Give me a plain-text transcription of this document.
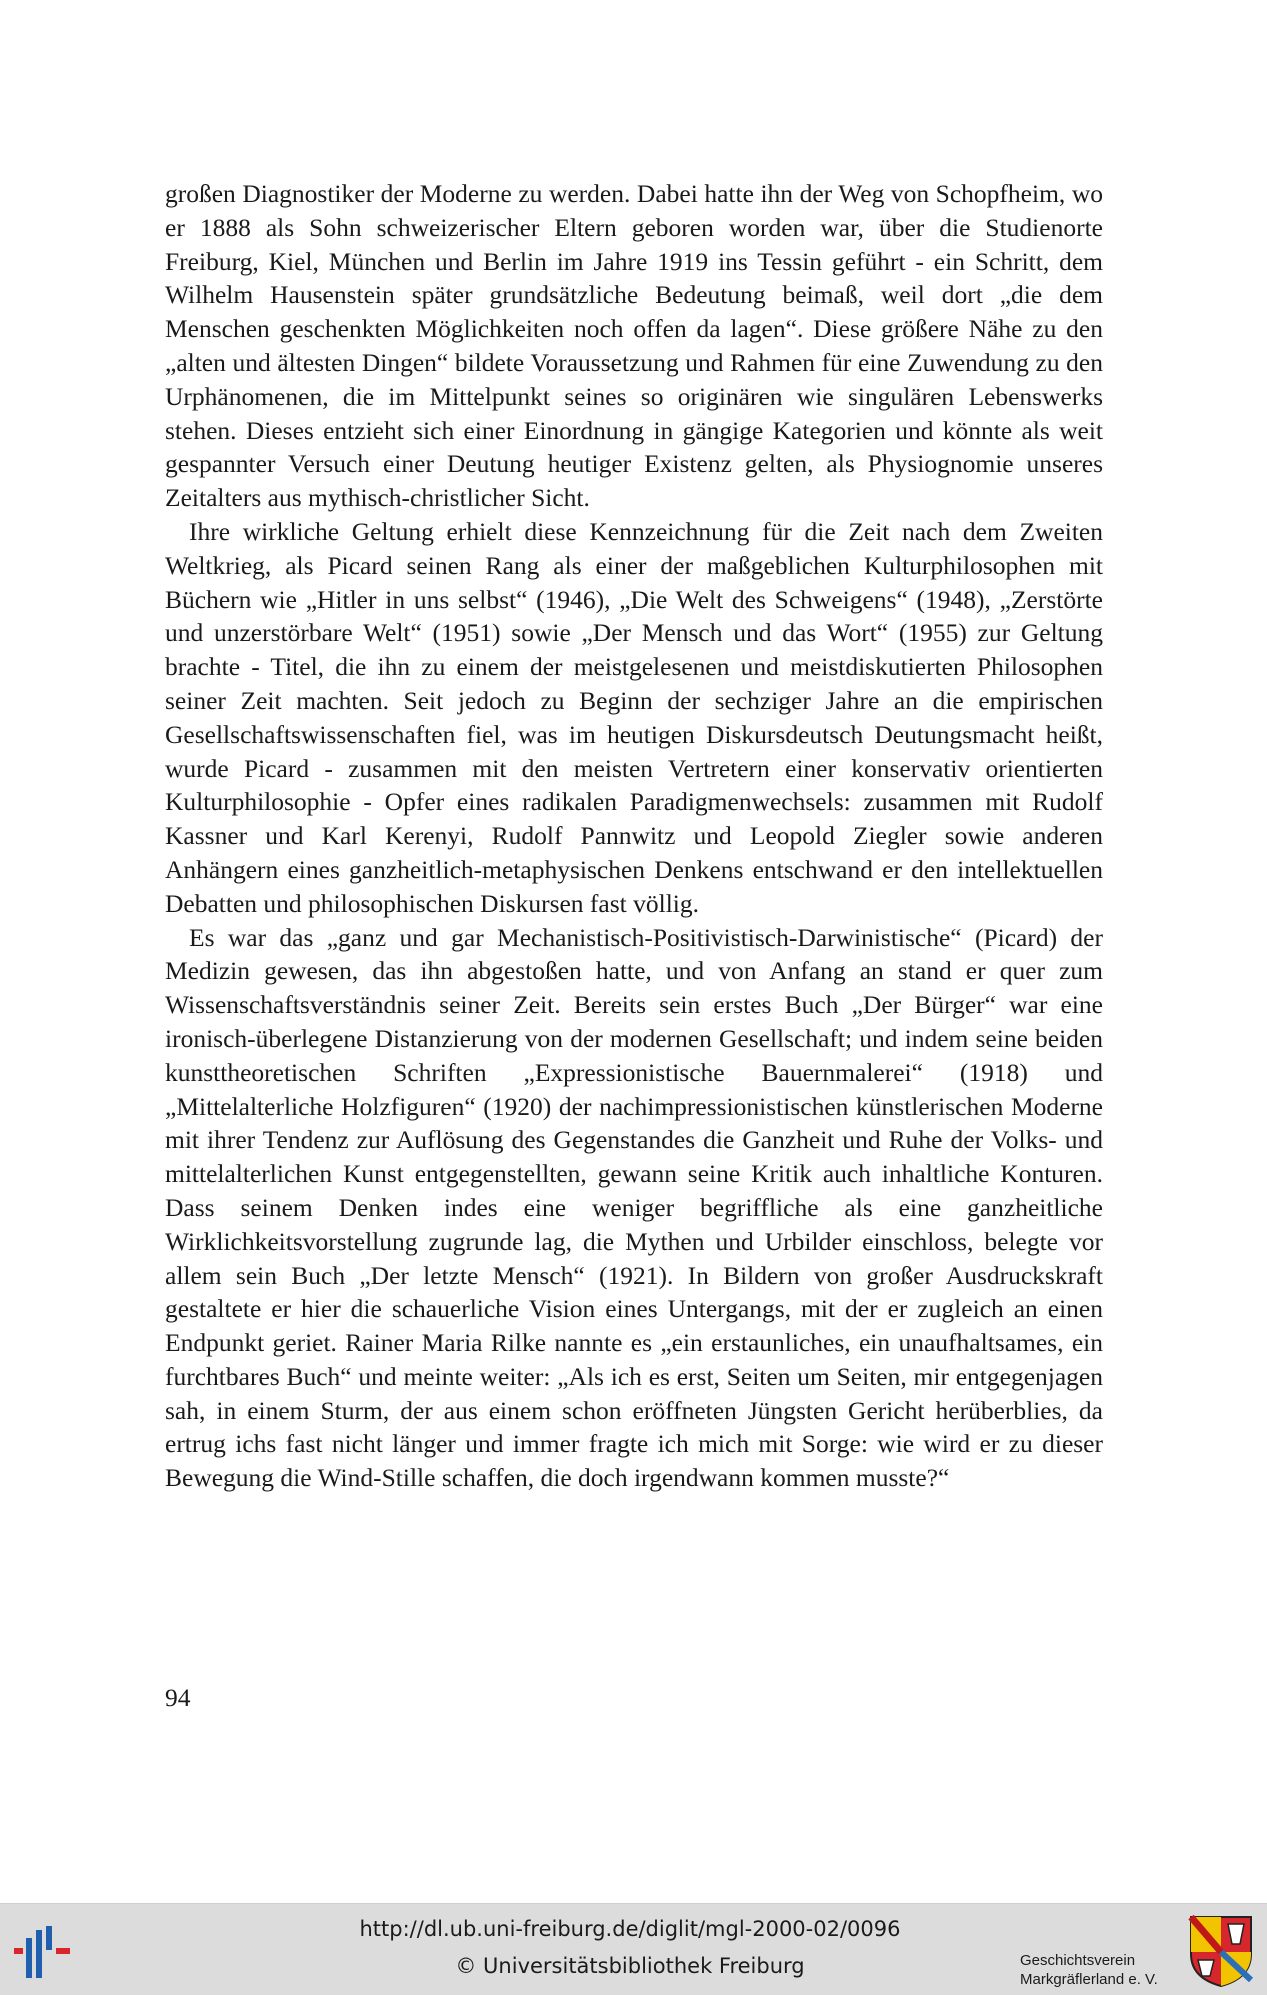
großen Diagnostiker der Moderne zu werden. Dabei hatte ihn der Weg von Schopfheim, wo er 1888 als Sohn schweizerischer Eltern geboren worden war, über die Studienorte Freiburg, Kiel, München und Berlin im Jahre 1919 ins Tessin geführt - ein Schritt, dem Wilhelm Hausenstein später grundsätzliche Bedeutung beimaß, weil dort „die dem Menschen geschenkten Möglichkeiten noch offen da lagen“. Diese größere Nähe zu den „alten und ältesten Dingen“ bildete Voraussetzung und Rahmen für eine Zuwendung zu den Urphänomenen, die im Mittelpunkt seines so originären wie singulären Lebenswerks stehen. Dieses entzieht sich einer Einordnung in gängige Kategorien und könnte als weit gespannter Versuch einer Deutung heutiger Existenz gelten, als Physiognomie unseres Zeitalters aus mythisch-christlicher Sicht.

Ihre wirkliche Geltung erhielt diese Kennzeichnung für die Zeit nach dem Zweiten Weltkrieg, als Picard seinen Rang als einer der maßgeblichen Kulturphilosophen mit Büchern wie „Hitler in uns selbst“ (1946), „Die Welt des Schweigens“ (1948), „Zerstörte und unzerstörbare Welt“ (1951) sowie „Der Mensch und das Wort“ (1955) zur Geltung brachte - Titel, die ihn zu einem der meistgelesenen und meistdiskutierten Philosophen seiner Zeit machten. Seit jedoch zu Beginn der sechziger Jahre an die empirischen Gesellschaftswissenschaften fiel, was im heutigen Diskursdeutsch Deutungsmacht heißt, wurde Picard - zusammen mit den meisten Vertretern einer konservativ orientierten Kulturphilosophie - Opfer eines radikalen Paradigmenwechsels: zusammen mit Rudolf Kassner und Karl Kerenyi, Rudolf Pannwitz und Leopold Ziegler sowie anderen Anhängern eines ganzheitlich-metaphysischen Denkens entschwand er den intellektuellen Debatten und philosophischen Diskursen fast völlig.

Es war das „ganz und gar Mechanistisch-Positivistisch-Darwinistische“ (Picard) der Medizin gewesen, das ihn abgestoßen hatte, und von Anfang an stand er quer zum Wissenschaftsverständnis seiner Zeit. Bereits sein erstes Buch „Der Bürger“ war eine ironisch-überlegene Distanzierung von der modernen Gesellschaft; und indem seine beiden kunsttheoretischen Schriften „Expressionistische Bauernmalerei“ (1918) und „Mittelalterliche Holzfiguren“ (1920) der nachimpressionistischen künstlerischen Moderne mit ihrer Tendenz zur Auflösung des Gegenstandes die Ganzheit und Ruhe der Volks- und mittelalterlichen Kunst entgegenstellten, gewann seine Kritik auch inhaltliche Konturen. Dass seinem Denken indes eine weniger begriffliche als eine ganzheitliche Wirklichkeitsvorstellung zugrunde lag, die Mythen und Urbilder einschloss, belegte vor allem sein Buch „Der letzte Mensch“ (1921). In Bildern von großer Ausdruckskraft gestaltete er hier die schauerliche Vision eines Untergangs, mit der er zugleich an einen Endpunkt geriet. Rainer Maria Rilke nannte es „ein erstaunliches, ein unaufhaltsames, ein furchtbares Buch“ und meinte weiter: „Als ich es erst, Seiten um Seiten, mir entgegenjagen sah, in einem Sturm, der aus einem schon eröffneten Jüngsten Gericht herüberblies, da ertrug ichs fast nicht länger und immer fragte ich mich mit Sorge: wie wird er zu dieser Bewegung die Wind-Stille schaffen, die doch irgendwann kommen musste?“

94
http://dl.ub.uni-freiburg.de/diglit/mgl-2000-02/0096
© Universitätsbibliothek Freiburg	Geschichtsverein
Markgräflerland e. V.
